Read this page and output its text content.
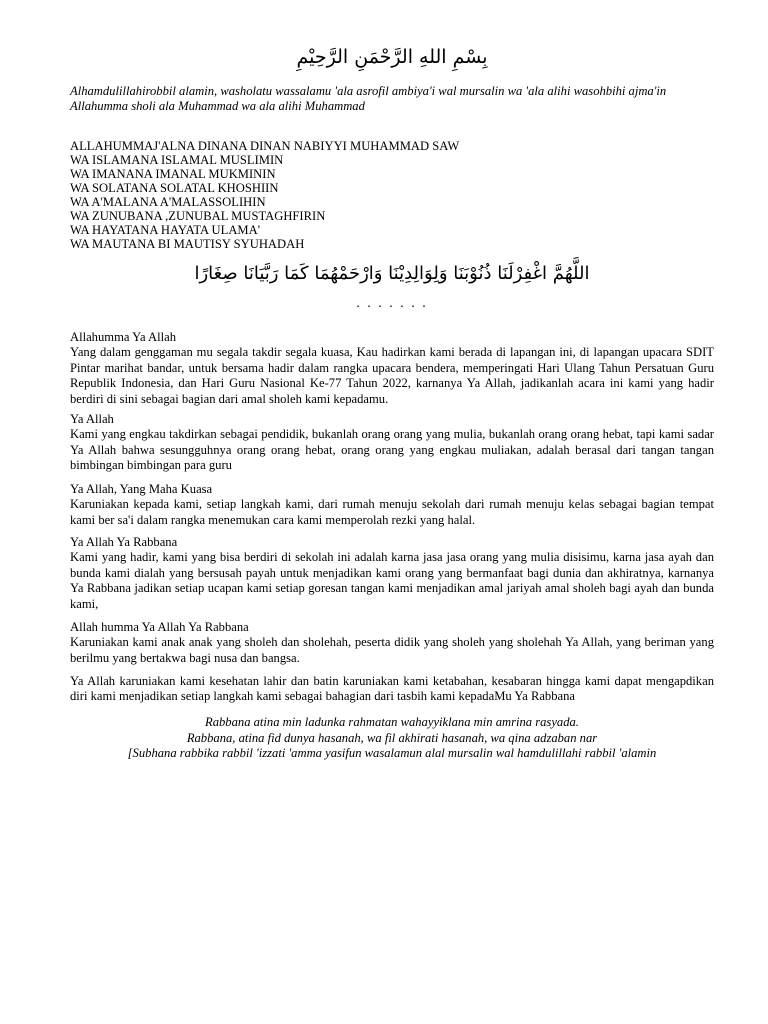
بِسْمِ اللهِ الرَّحْمَنِ الرَّحِيْمِ
Alhamdulillahirobbil alamin, washolatu wassalamu 'ala asrofil ambiya'i wal mursalin wa 'ala alihi wasohbihi ajma'in
Allahumma sholi ala Muhammad wa ala alihi Muhammad
ALLAHUMMAJ'ALNA DINANA DINAN NABIYYI MUHAMMAD SAW
WA ISLAMANA ISLAMAL MUSLIMIN
WA IMANANA IMANAL MUKMININ
WA SOLATANA SOLATAL KHOSHIIN
WA A'MALANA A'MALASSOLIHIN
WA ZUNUBANA ,ZUNUBAL MUSTAGHFIRIN
WA HAYATANA HAYATA ULAMA'
WA MAUTANA BI MAUTISY SYUHADAH
اللَّهُمَّ اغْفِرْلَنَا ذُنُوْبَنَا وَلِوَالِدِيْنَا وَارْحَمْهُمَا كَمَا رَبَّيَانَا صِغَارًا
. . . . . . .
Allahumma Ya Allah
Yang dalam genggaman mu segala takdir segala kuasa, Kau hadirkan kami berada di lapangan ini, di lapangan upacara SDIT Pintar marihat bandar, untuk bersama hadir dalam rangka upacara bendera, memperingati Hari Ulang Tahun Persatuan Guru Republik Indonesia, dan Hari Guru Nasional Ke-77 Tahun 2022, karnanya Ya Allah, jadikanlah acara ini kami yang hadir berdiri di sini sebagai bagian dari amal sholeh kami kepadamu.
Ya Allah
Kami yang engkau takdirkan sebagai pendidik, bukanlah orang orang yang mulia, bukanlah orang orang hebat, tapi kami sadar Ya Allah bahwa sesungguhnya orang orang hebat, orang orang yang engkau muliakan, adalah berasal dari tangan tangan bimbingan bimbingan para guru
Ya Allah, Yang Maha Kuasa
Karuniakan kepada kami, setiap langkah kami, dari rumah menuju sekolah dari rumah menuju kelas sebagai bagian tempat kami ber sa'i dalam rangka menemukan cara kami memperolah rezki yang halal.
Ya Allah Ya Rabbana
Kami yang hadir, kami yang bisa berdiri di sekolah ini adalah karna jasa jasa orang yang mulia disisimu, karna jasa ayah dan bunda kami dialah yang bersusah payah untuk menjadikan kami orang yang bermanfaat bagi dunia dan akhiratnya, karnanya Ya Rabbana jadikan setiap ucapan kami setiap goresan tangan kami menjadikan amal jariyah amal sholeh bagi ayah dan bunda kami,
Allah humma Ya Allah Ya Rabbana
Karuniakan kami anak anak yang sholeh dan sholehah, peserta didik yang sholeh yang sholehah Ya Allah, yang beriman yang berilmu yang bertakwa bagi nusa dan bangsa.
Ya Allah karuniakan kami kesehatan lahir dan batin karuniakan kami ketabahan, kesabaran hingga kami dapat mengapdikan diri kami menjadikan setiap langkah kami sebagai bahagian dari tasbih kami kepadaMu Ya Rabbana
Rabbana atina min ladunka rahmatan wahayyiklana min amrina rasyada.
Rabbana, atina fid dunya hasanah, wa fil akhirati hasanah, wa qina adzaban nar
[Subhana rabbika rabbil 'izzati 'amma yasifun wasalamun alal mursalin wal hamdulillahi rabbil 'alamin
